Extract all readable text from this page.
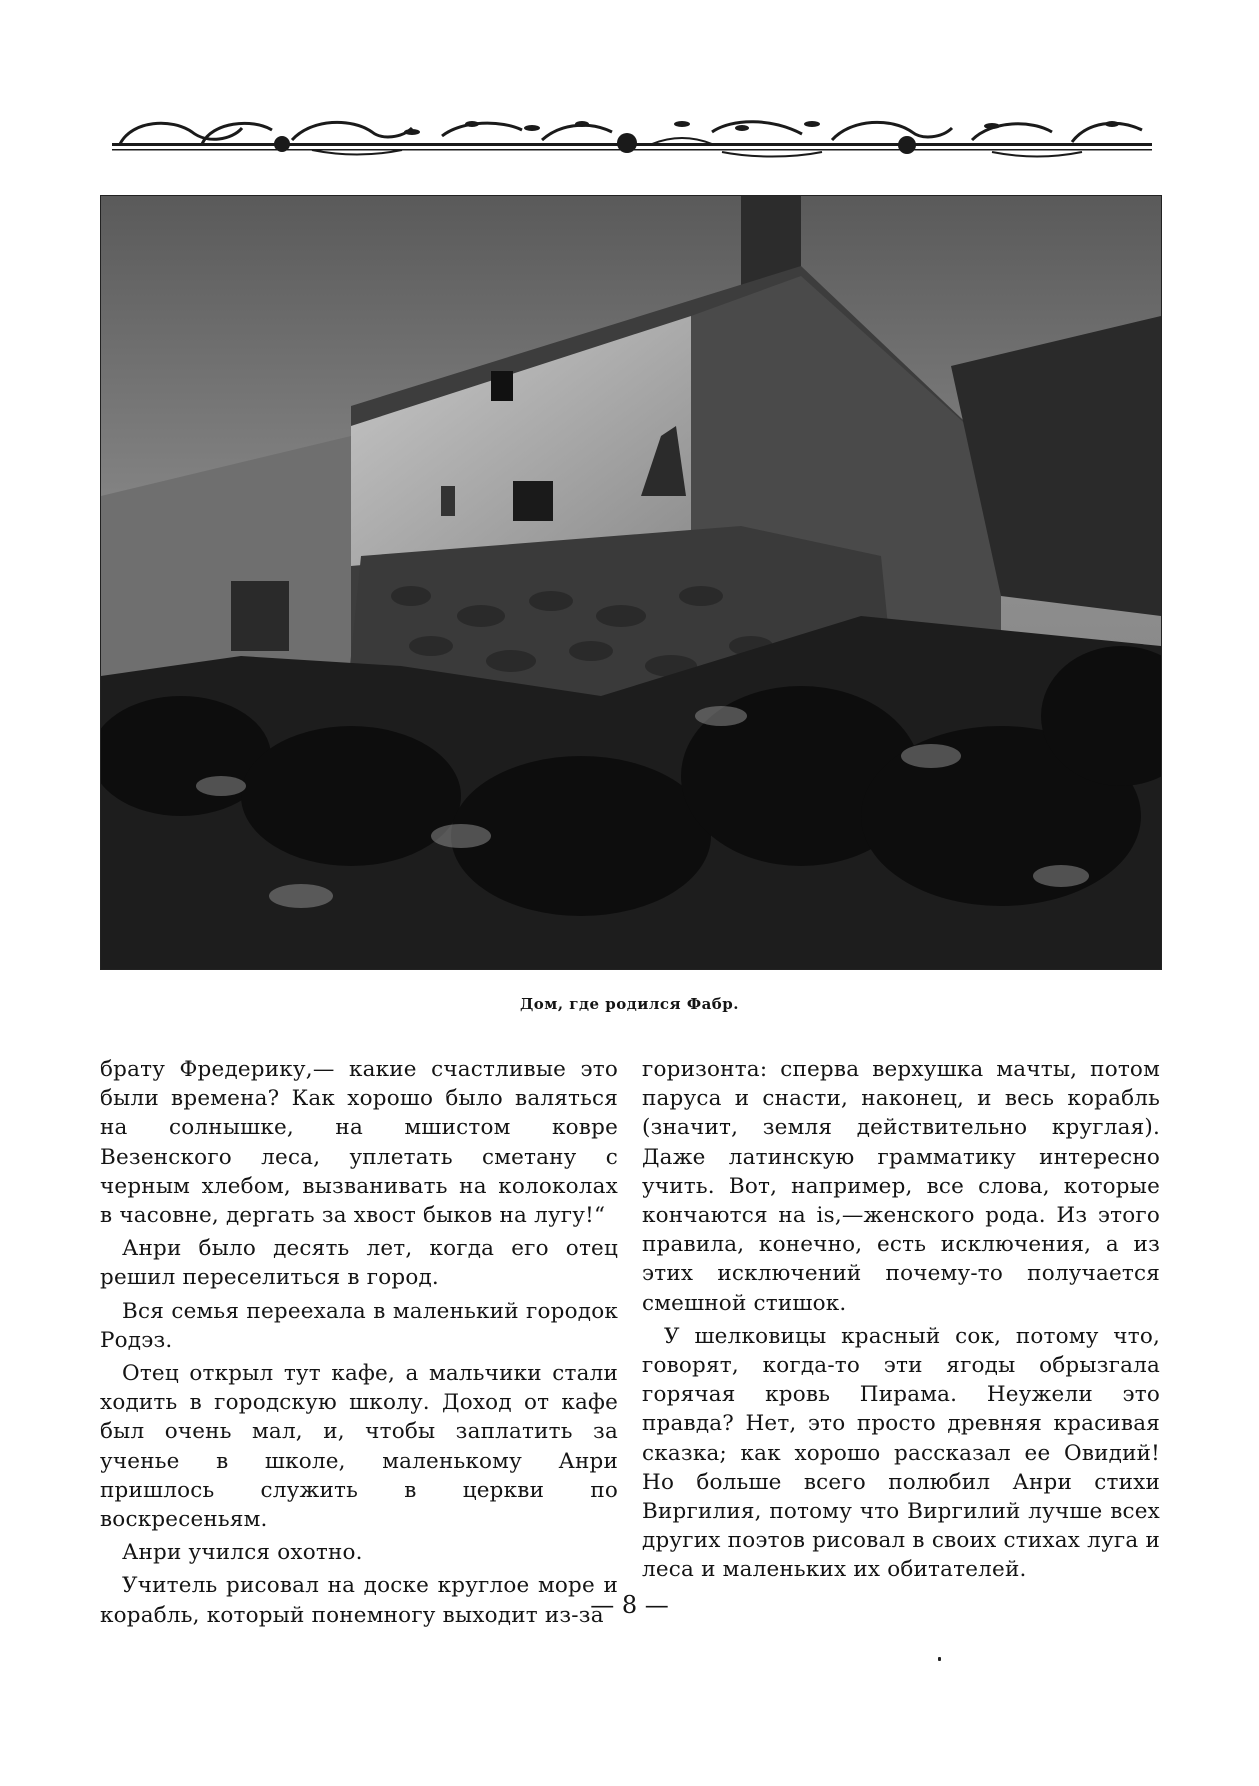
Дом, где родился Фабр.

брату Фредерику,— какие счастливые это были времена? Как хорошо было валяться на солнышке, на мшистом ковре Везенского леса, уплетать сметану с черным хлебом, вызванивать на колоколах в часовне, дергать за хвост быков на лугу!“

Анри было десять лет, когда его отец решил переселиться в город.

Вся семья переехала в маленький городок Родэз.

Отец открыл тут кафе, а мальчики стали ходить в городскую школу. Доход от кафе был очень мал, и, чтобы заплатить за ученье в школе, маленькому Анри пришлось служить в церкви по воскресеньям.

Анри учился охотно.

Учитель рисовал на доске круглое море и корабль, который понемногу выходит из-за

горизонта: сперва верхушка мачты, потом паруса и снасти, наконец, и весь корабль (значит, земля действительно круглая). Даже латинскую грамматику интересно учить. Вот, например, все слова, которые кончаются на is,—женского рода. Из этого правила, конечно, есть исключения, а из этих исключений почему-то получается смешной стишок.

У шелковицы красный сок, потому что, говорят, когда-то эти ягоды обрызгала горячая кровь Пирама. Неужели это правда? Нет, это просто древняя красивая сказка; как хорошо рассказал ее Овидий! Но больше всего полюбил Анри стихи Виргилия, потому что Виргилий лучше всех других поэтов рисовал в своих стихах луга и леса и маленьких их обитателей.

— 8 —
